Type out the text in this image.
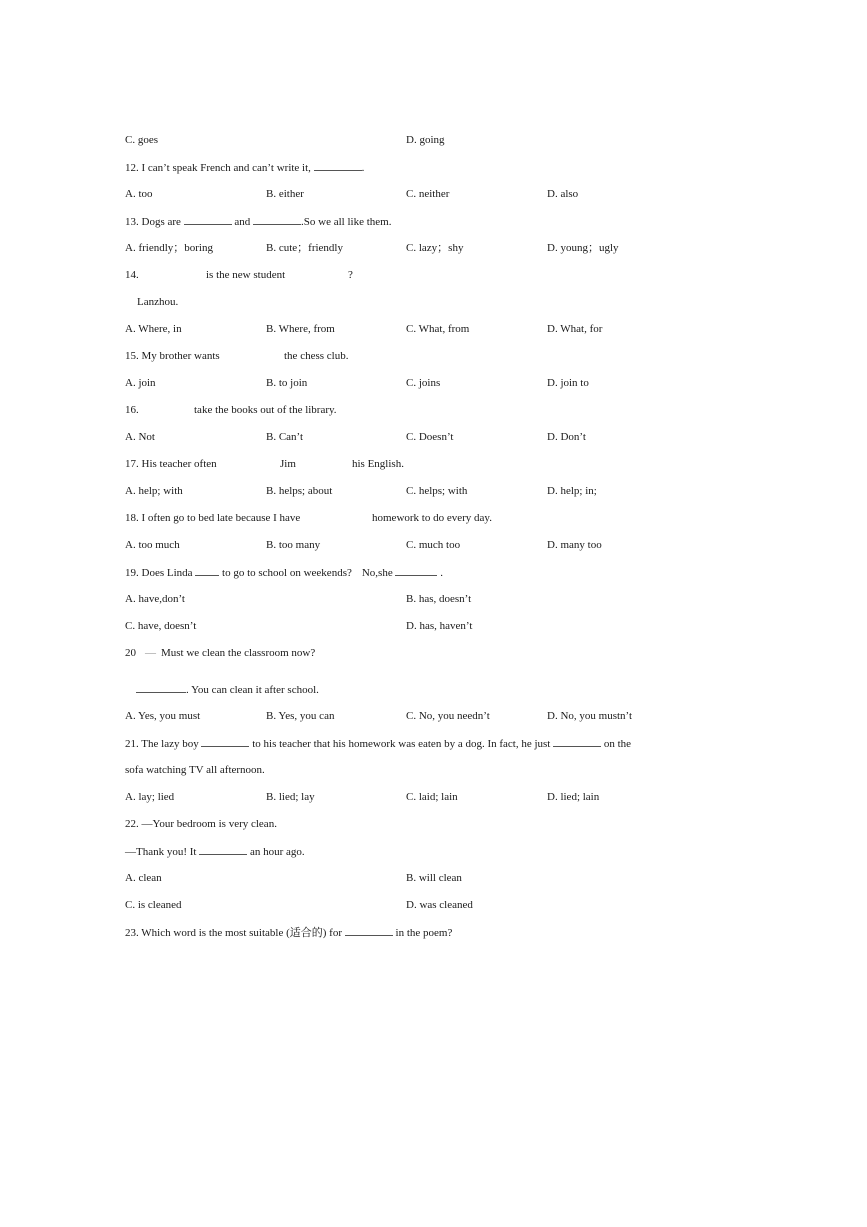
C. goes	D. going
12. I can’t speak French and can’t write it,	.
A. too	B. either	C. neither	D. also
13. Dogs are	and	.So we all like them.
A. friendly；boring	B. cute；friendly	C. lazy；shy	D. young；ugly
14.	is the new student	?
Lanzhou.
A. Where, in	B. Where, from	C. What, from	D. What, for
15. My brother wants	the chess club.
A. join	B. to join	C. joins	D. join to
16.	take the books out of the library.
A. Not	B. Can’t	C. Doesn’t	D. Don’t
17. His teacher often	Jim	his English.
A. help; with	B. helps; about	C. helps; with	D. help; in;
18. I often go to bed late because I have	homework to do every day.
A. too much	B. too many	C. much too	D. many too
19. Does Linda  to go to school on weekends? No,she	.
A. have,don’t	B. has, doesn’t
C. have, doesn’t	D. has, haven’t
20 — Must we clean the classroom now?
. You can clean it after school.
A. Yes, you must	B. Yes, you can	C. No, you needn’t	D. No, you mustn’t
21. The lazy boy	to his teacher that his homework was eaten by a dog. In fact, he just	on the
sofa watching TV all afternoon.
A. lay; lied	B. lied; lay	C. laid; lain	D. lied; lain
22. —Your bedroom is very clean.
—Thank you! It	an hour ago.
A. clean	B. will clean
C. is cleaned	D. was cleaned
23. Which word is the most suitable (适合的) for	in the poem?
